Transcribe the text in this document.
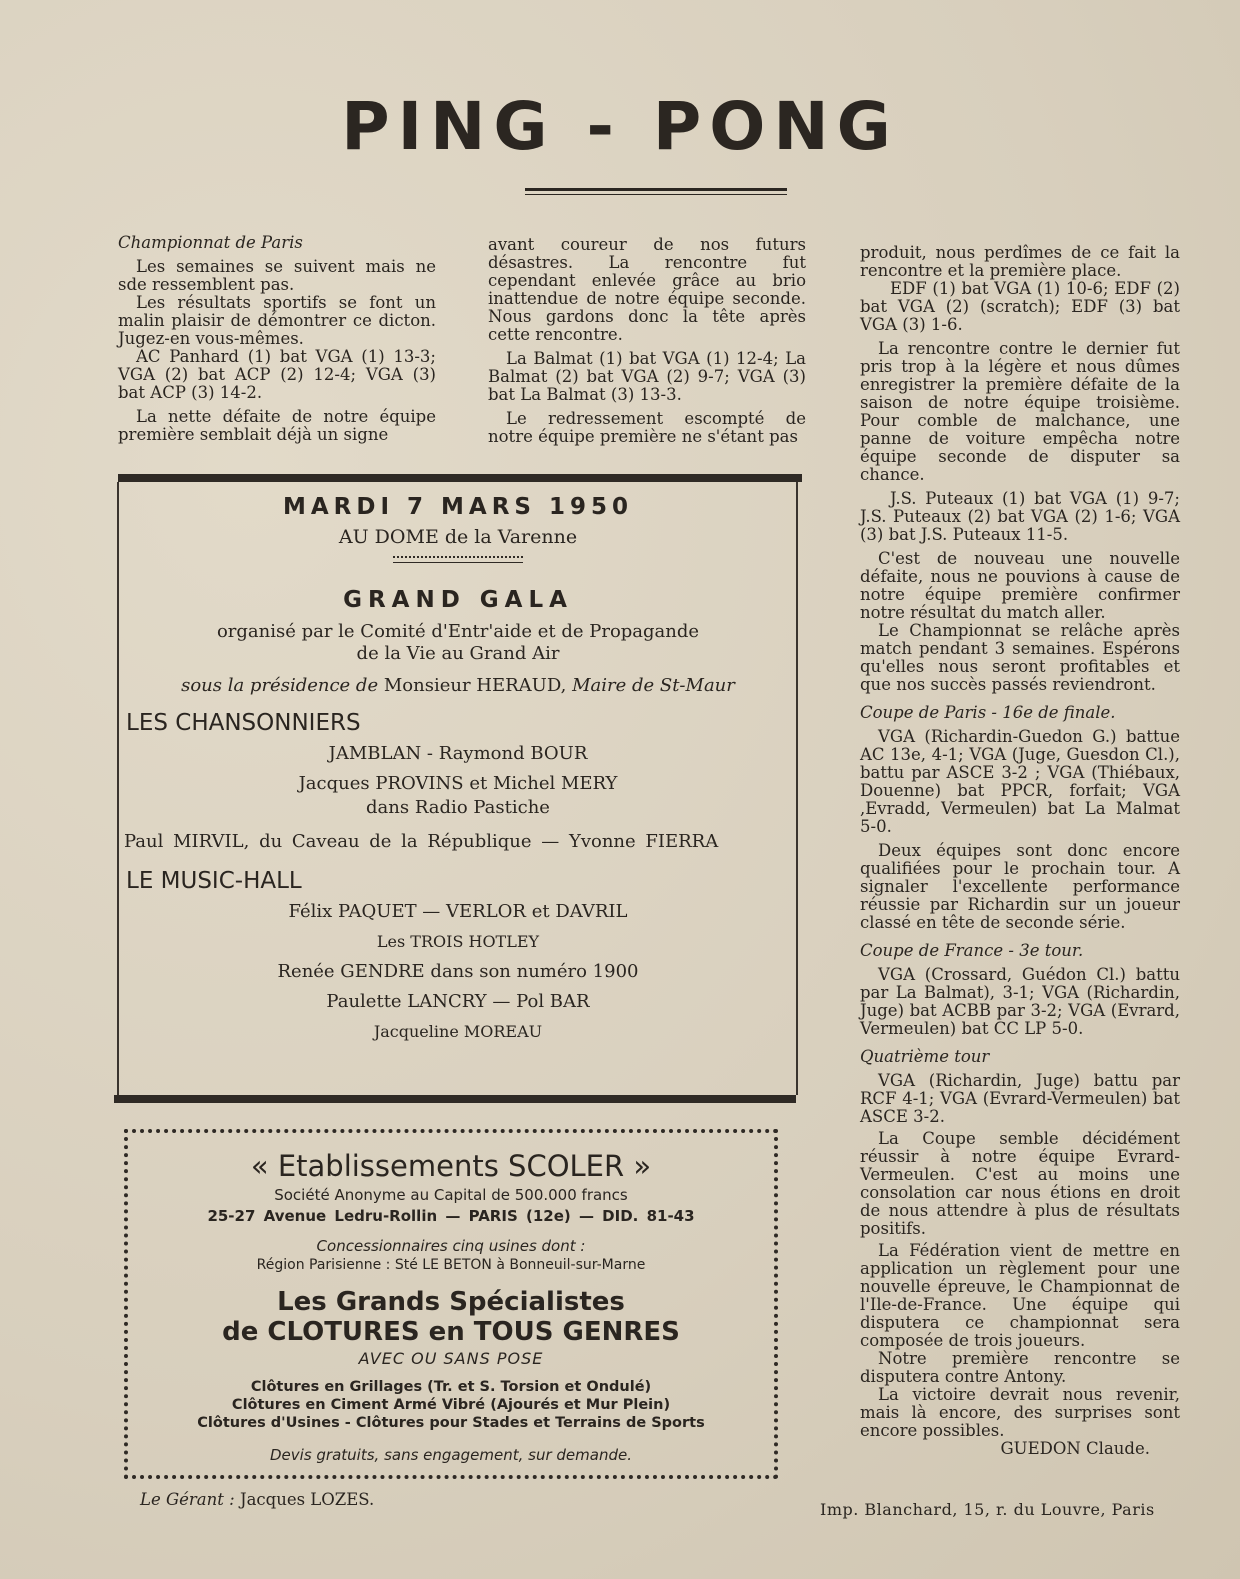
PING - PONG

Championnat de Paris

Les semaines se suivent mais ne sde ressemblent pas.

Les résultats sportifs se font un malin plaisir de démontrer ce dicton. Jugez-en vous-mêmes.

AC Panhard (1) bat VGA (1) 13-3; VGA (2) bat ACP (2) 12-4; VGA (3) bat ACP (3) 14-2.

La nette défaite de notre équipe première semblait déjà un signe

avant coureur de nos futurs désastres. La rencontre fut cependant enlevée grâce au brio inattendue de notre équipe seconde. Nous gardons donc la tête après cette rencontre.

La Balmat (1) bat VGA (1) 12-4; La Balmat (2) bat VGA (2) 9-7; VGA (3) bat La Balmat (3) 13-3.

Le redressement escompté de notre équipe première ne s'étant pas

produit, nous perdîmes de ce fait la rencontre et la première place.

EDF (1) bat VGA (1) 10-6; EDF (2) bat VGA (2) (scratch); EDF (3) bat VGA (3) 1-6.

La rencontre contre le dernier fut pris trop à la légère et nous dûmes enregistrer la première défaite de la saison de notre équipe troisième. Pour comble de malchance, une panne de voiture empêcha notre équipe seconde de disputer sa chance.

J.S. Puteaux (1) bat VGA (1) 9-7; J.S. Puteaux (2) bat VGA (2) 1-6; VGA (3) bat J.S. Puteaux 11-5.

C'est de nouveau une nouvelle défaite, nous ne pouvions à cause de notre équipe première confirmer notre résultat du match aller.

Le Championnat se relâche après match pendant 3 semaines. Espérons qu'elles nous seront profitables et que nos succès passés reviendront.

Coupe de Paris - 16e de finale.

VGA (Richardin-Guedon G.) battue AC 13e, 4-1; VGA (Juge, Guesdon Cl.), battu par ASCE 3-2 ; VGA (Thiébaux, Douenne) bat PPCR, forfait; VGA ,Evradd, Vermeulen) bat La Malmat 5-0.

Deux équipes sont donc encore qualifiées pour le prochain tour. A signaler l'excellente performance réussie par Richardin sur un joueur classé en tête de seconde série.

Coupe de France - 3e tour.

VGA (Crossard, Guédon Cl.) battu par La Balmat), 3-1; VGA (Richardin, Juge) bat ACBB par 3-2; VGA (Evrard, Vermeulen) bat CC LP 5-0.

Quatrième tour

VGA (Richardin, Juge) battu par RCF 4-1; VGA (Evrard-Vermeulen) bat ASCE 3-2.

La Coupe semble décidément réussir à notre équipe Evrard-Vermeulen. C'est au moins une consolation car nous étions en droit de nous attendre à plus de résultats positifs.

La Fédération vient de mettre en application un règlement pour une nouvelle épreuve, le Championnat de l'Ile-de-France. Une équipe qui disputera ce championnat sera composée de trois joueurs.

Notre première rencontre se disputera contre Antony.

La victoire devrait nous revenir, mais là encore, des surprises sont encore possibles.

GUEDON Claude.

MARDI 7 MARS 1950
AU DOME de la Varenne
GRAND GALA
organisé par le Comité d'Entr'aide et de Propagande
de la Vie au Grand Air
sous la présidence de Monsieur HERAUD, Maire de St-Maur
LES CHANSONNIERS
JAMBLAN - Raymond BOUR
Jacques PROVINS et Michel MERY
dans Radio Pastiche
Paul MIRVIL, du Caveau de la République — Yvonne FIERRA
LE MUSIC-HALL
Félix PAQUET — VERLOR et DAVRIL
Les TROIS HOTLEY
Renée GENDRE dans son numéro 1900
Paulette LANCRY — Pol BAR
Jacqueline MOREAU
« Etablissements SCOLER »
Société Anonyme au Capital de 500.000 francs
25-27 Avenue Ledru-Rollin — PARIS (12e) — DID. 81-43
Concessionnaires cinq usines dont :
Région Parisienne : Sté LE BETON à Bonneuil-sur-Marne
Les Grands Spécialistes
de CLOTURES en TOUS GENRES
AVEC OU SANS POSE
Clôtures en Grillages (Tr. et S. Torsion et Ondulé)
Clôtures en Ciment Armé Vibré (Ajourés et Mur Plein)
Clôtures d'Usines - Clôtures pour Stades et Terrains de Sports
Devis gratuits, sans engagement, sur demande.
Le Gérant : Jacques LOZES.
Imp. Blanchard, 15, r. du Louvre, Paris
